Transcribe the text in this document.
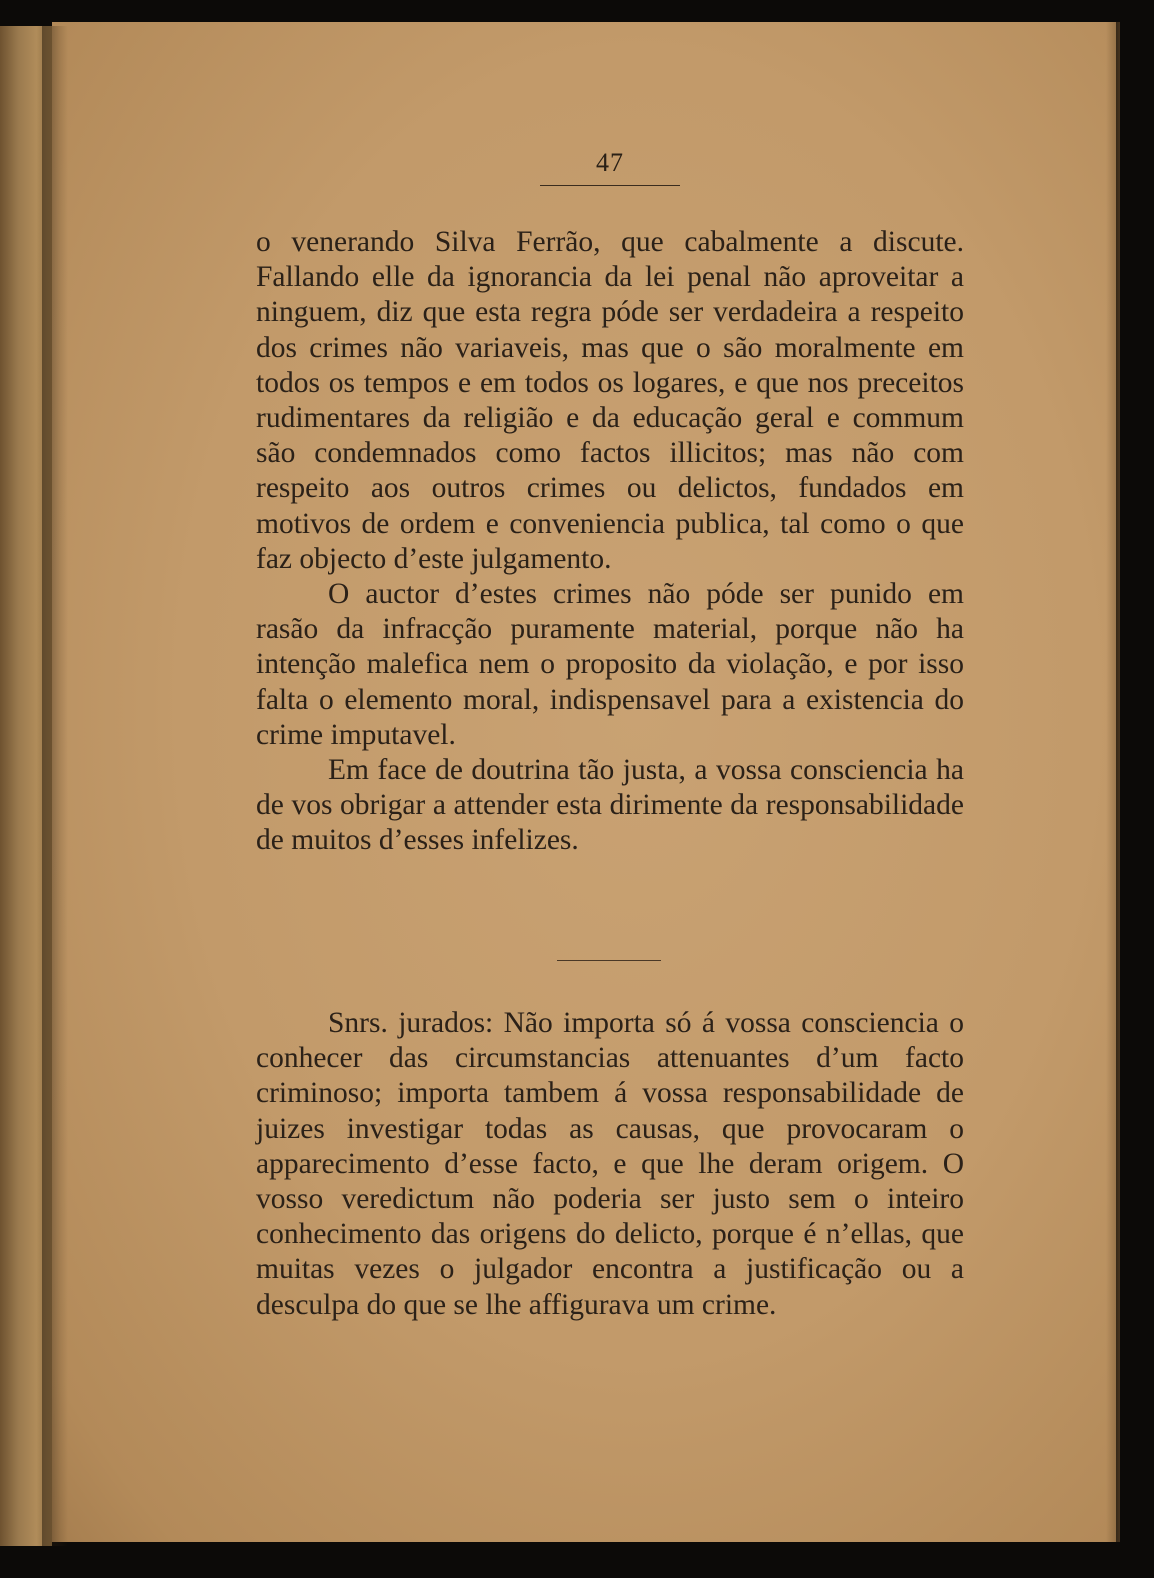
47

o venerando Silva Ferrão, que cabalmente a discute. Fallando elle da ignorancia da lei penal não aproveitar a ninguem, diz que esta regra póde ser verdadeira a respeito dos crimes não variaveis, mas que o são moralmente em todos os tempos e em todos os logares, e que nos preceitos rudimentares da religião e da educação geral e commum são condemnados como factos illicitos; mas não com respeito aos outros crimes ou delictos, fundados em motivos de ordem e conveniencia publica, tal como o que faz objecto d’este julgamento.

O auctor d’estes crimes não póde ser punido em rasão da infracção puramente material, porque não ha intenção malefica nem o proposito da violação, e por isso falta o elemento moral, indispensavel para a existencia do crime imputavel.

Em face de doutrina tão justa, a vossa consciencia ha de vos obrigar a attender esta dirimente da responsabilidade de muitos d’esses infelizes.

Snrs. jurados: Não importa só á vossa consciencia o conhecer das circumstancias attenuantes d’um facto criminoso; importa tambem á vossa responsabilidade de juizes investigar todas as causas, que provocaram o apparecimento d’esse facto, e que lhe deram origem. O vosso veredictum não poderia ser justo sem o inteiro conhecimento das origens do delicto, porque é n’ellas, que muitas vezes o julgador encontra a justificação ou a desculpa do que se lhe affigurava um crime.
